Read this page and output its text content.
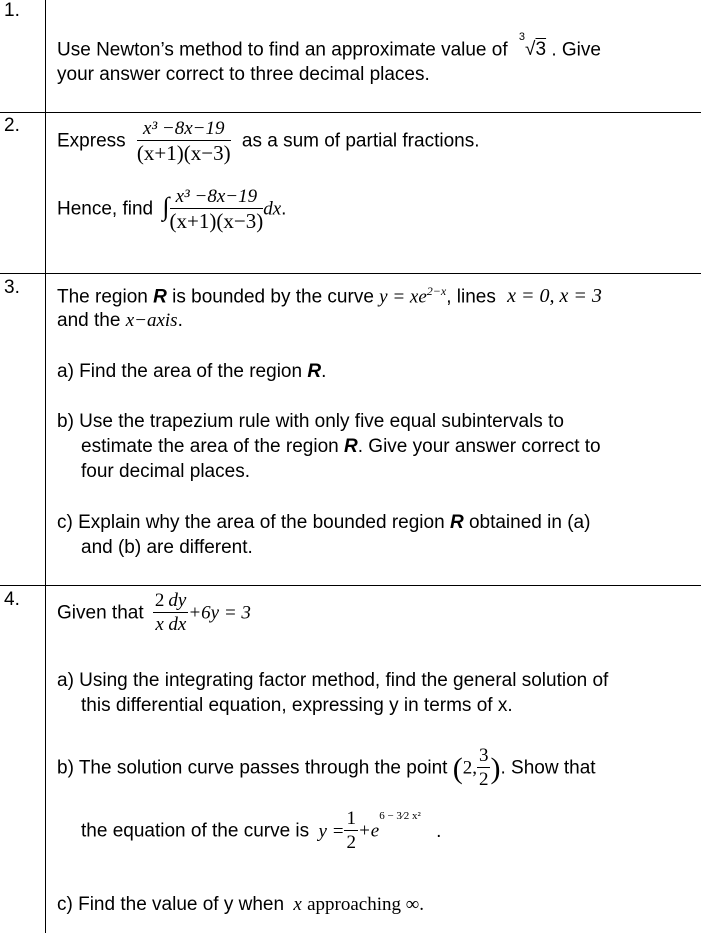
1.
Use Newton’s method to find an approximate value of $^3$√3 . Give
your answer correct to three decimal places.
2.
Express $\frac{\text{x³ −8x−19}}{(x+1)(x-3)}$ as a sum of partial fractions.
Hence, find ∫ $\frac{\text{x³ −8x−19}}{(x+1)(x-3)}$ dx.
3. The region R is bounded by the curve $y = xe^{2-x}$, lines x = 0, x = 3
and the x−axis.
a) Find the area of the region R.
b) Use the trapezium rule with only five equal subintervals to
estimate the area of the region R. Give your answer correct to
four decimal places.
c) Explain why the area of the bounded region R obtained in (a)
and (b) are different.
4.
Given that $\frac{2}{x} \frac{dy}{dx} +6y = 3$
a) Using the integrating factor method, find the general solution of
this differential equation, expressing y in terms of x.
b) The solution curve passes through the point (2, $\frac{3}{2}$ ). Show that
the equation of the curve is $y = \frac{1}{2} +e^{6 - 3⁄2 x^2}$ .
c) Find the value of y when x approaching ∞.
